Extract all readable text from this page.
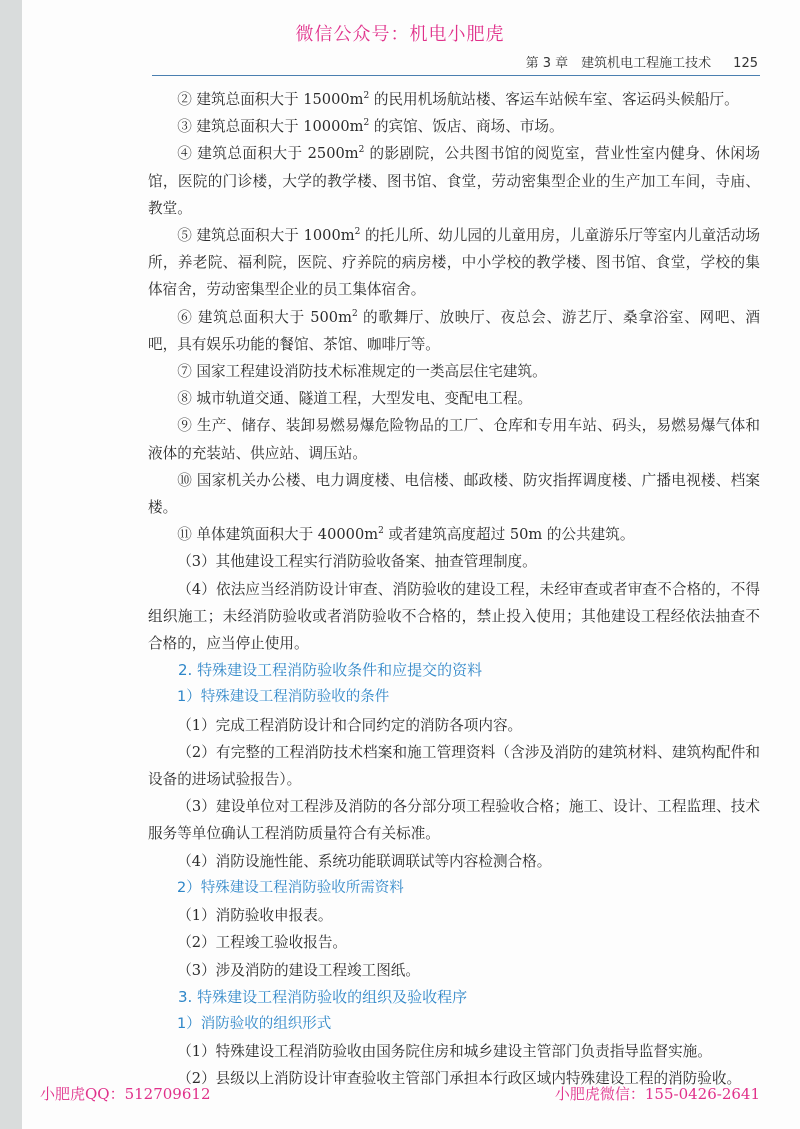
微信公众号：机电小肥虎
第 3 章　建筑机电工程施工技术 125

② 建筑总面积大于 $15000m^2$ 的民用机场航站楼、客运车站候车室、客运码头候船厅。

③ 建筑总面积大于 $10000m^2$ 的宾馆、饭店、商场、市场。

④ 建筑总面积大于 $2500m^2$ 的影剧院，公共图书馆的阅览室，营业性室内健身、休闲场馆，医院的门诊楼，大学的教学楼、图书馆、食堂，劳动密集型企业的生产加工车间，寺庙、教堂。

⑤ 建筑总面积大于 $1000m^2$ 的托儿所、幼儿园的儿童用房，儿童游乐厅等室内儿童活动场所，养老院、福利院，医院、疗养院的病房楼，中小学校的教学楼、图书馆、食堂，学校的集体宿舍，劳动密集型企业的员工集体宿舍。

⑥ 建筑总面积大于 $500m^2$ 的歌舞厅、放映厅、夜总会、游艺厅、桑拿浴室、网吧、酒吧，具有娱乐功能的餐馆、茶馆、咖啡厅等。

⑦ 国家工程建设消防技术标准规定的一类高层住宅建筑。

⑧ 城市轨道交通、隧道工程，大型发电、变配电工程。

⑨ 生产、储存、装卸易燃易爆危险物品的工厂、仓库和专用车站、码头，易燃易爆气体和液体的充装站、供应站、调压站。

⑩ 国家机关办公楼、电力调度楼、电信楼、邮政楼、防灾指挥调度楼、广播电视楼、档案楼。

⑪ 单体建筑面积大于 $40000m^2$ 或者建筑高度超过 50m 的公共建筑。

（3）其他建设工程实行消防验收备案、抽查管理制度。

（4）依法应当经消防设计审查、消防验收的建设工程，未经审查或者审查不合格的，不得组织施工；未经消防验收或者消防验收不合格的，禁止投入使用；其他建设工程经依法抽查不合格的，应当停止使用。

2. 特殊建设工程消防验收条件和应提交的资料
1）特殊建设工程消防验收的条件

（1）完成工程消防设计和合同约定的消防各项内容。

（2）有完整的工程消防技术档案和施工管理资料（含涉及消防的建筑材料、建筑构配件和设备的进场试验报告）。

（3）建设单位对工程涉及消防的各分部分项工程验收合格；施工、设计、工程监理、技术服务等单位确认工程消防质量符合有关标准。

（4）消防设施性能、系统功能联调联试等内容检测合格。

2）特殊建设工程消防验收所需资料

（1）消防验收申报表。

（2）工程竣工验收报告。

（3）涉及消防的建设工程竣工图纸。

3. 特殊建设工程消防验收的组织及验收程序
1）消防验收的组织形式

（1）特殊建设工程消防验收由国务院住房和城乡建设主管部门负责指导监督实施。

（2）县级以上消防设计审查验收主管部门承担本行政区域内特殊建设工程的消防验收。

小肥虎QQ：512709612	小肥虎微信：155-0426-2641
